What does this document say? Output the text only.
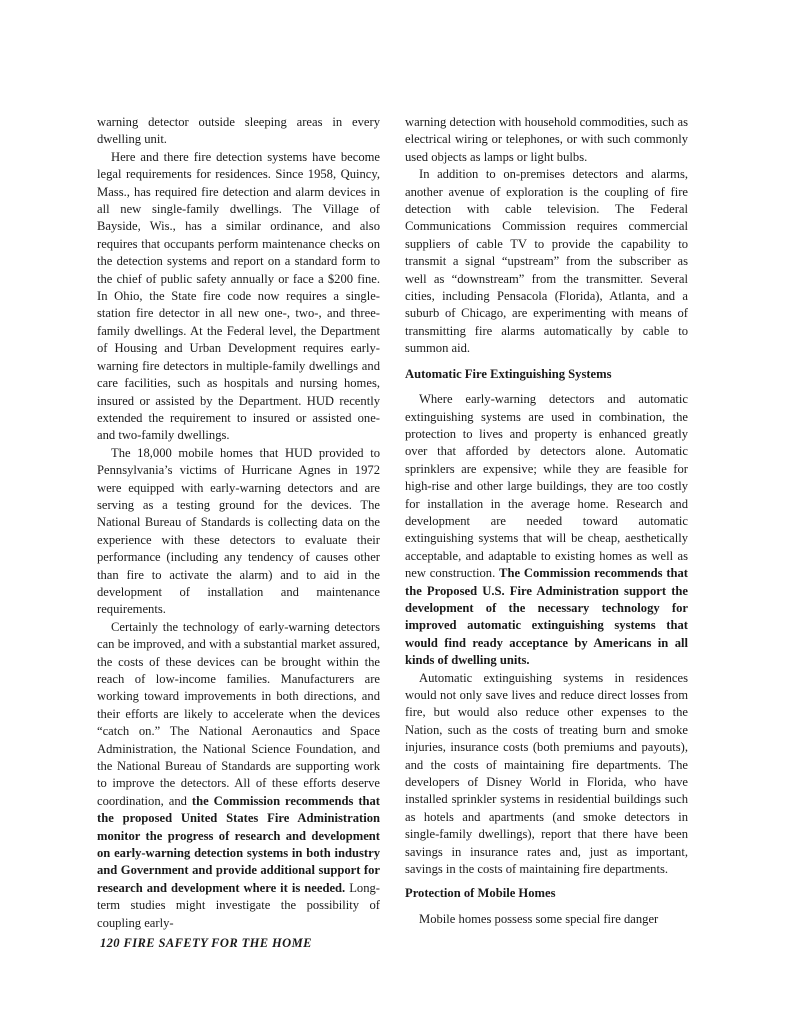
warning detector outside sleeping areas in every dwelling unit.

Here and there fire detection systems have become legal requirements for residences. Since 1958, Quincy, Mass., has required fire detection and alarm devices in all new single-family dwellings. The Village of Bayside, Wis., has a similar ordinance, and also requires that occupants perform maintenance checks on the detection systems and report on a standard form to the chief of public safety annually or face a $200 fine. In Ohio, the State fire code now requires a single-station fire detector in all new one-, two-, and three-family dwellings. At the Federal level, the Department of Housing and Urban Development requires early-warning fire detectors in multiple-family dwellings and care facilities, such as hospitals and nursing homes, insured or assisted by the Department. HUD recently extended the requirement to insured or assisted one- and two-family dwellings.

The 18,000 mobile homes that HUD provided to Pennsylvania’s victims of Hurricane Agnes in 1972 were equipped with early-warning detectors and are serving as a testing ground for the devices. The National Bureau of Standards is collecting data on the experience with these detectors to evaluate their performance (including any tendency of causes other than fire to activate the alarm) and to aid in the development of installation and maintenance requirements.

Certainly the technology of early-warning detectors can be improved, and with a substantial market assured, the costs of these devices can be brought within the reach of low-income families. Manufacturers are working toward improvements in both directions, and their efforts are likely to accelerate when the devices “catch on.” The National Aeronautics and Space Administration, the National Science Foundation, and the National Bureau of Standards are supporting work to improve the detectors. All of these efforts deserve coordination, and the Commission recommends that the proposed United States Fire Administration monitor the progress of research and development on early-warning detection systems in both industry and Government and provide additional support for research and development where it is needed. Long-term studies might investigate the possibility of coupling early-

warning detection with household commodities, such as electrical wiring or telephones, or with such commonly used objects as lamps or light bulbs.

In addition to on-premises detectors and alarms, another avenue of exploration is the coupling of fire detection with cable television. The Federal Communications Commission requires commercial suppliers of cable TV to provide the capability to transmit a signal “upstream” from the subscriber as well as “downstream” from the transmitter. Several cities, including Pensacola (Florida), Atlanta, and a suburb of Chicago, are experimenting with means of transmitting fire alarms automatically by cable to summon aid.

Automatic Fire Extinguishing Systems

Where early-warning detectors and automatic extinguishing systems are used in combination, the protection to lives and property is enhanced greatly over that afforded by detectors alone. Automatic sprinklers are expensive; while they are feasible for high-rise and other large buildings, they are too costly for installation in the average home. Research and development are needed toward automatic extinguishing systems that will be cheap, aesthetically acceptable, and adaptable to existing homes as well as new construction. The Commission recommends that the Proposed U.S. Fire Administration support the development of the necessary technology for improved automatic extinguishing systems that would find ready acceptance by Americans in all kinds of dwelling units.

Automatic extinguishing systems in residences would not only save lives and reduce direct losses from fire, but would also reduce other expenses to the Nation, such as the costs of treating burn and smoke injuries, insurance costs (both premiums and payouts), and the costs of maintaining fire departments. The developers of Disney World in Florida, who have installed sprinkler systems in residential buildings such as hotels and apartments (and smoke detectors in single-family dwellings), report that there have been savings in insurance rates and, just as important, savings in the costs of maintaining fire departments.

Protection of Mobile Homes

Mobile homes possess some special fire danger

120 FIRE SAFETY FOR THE HOME
